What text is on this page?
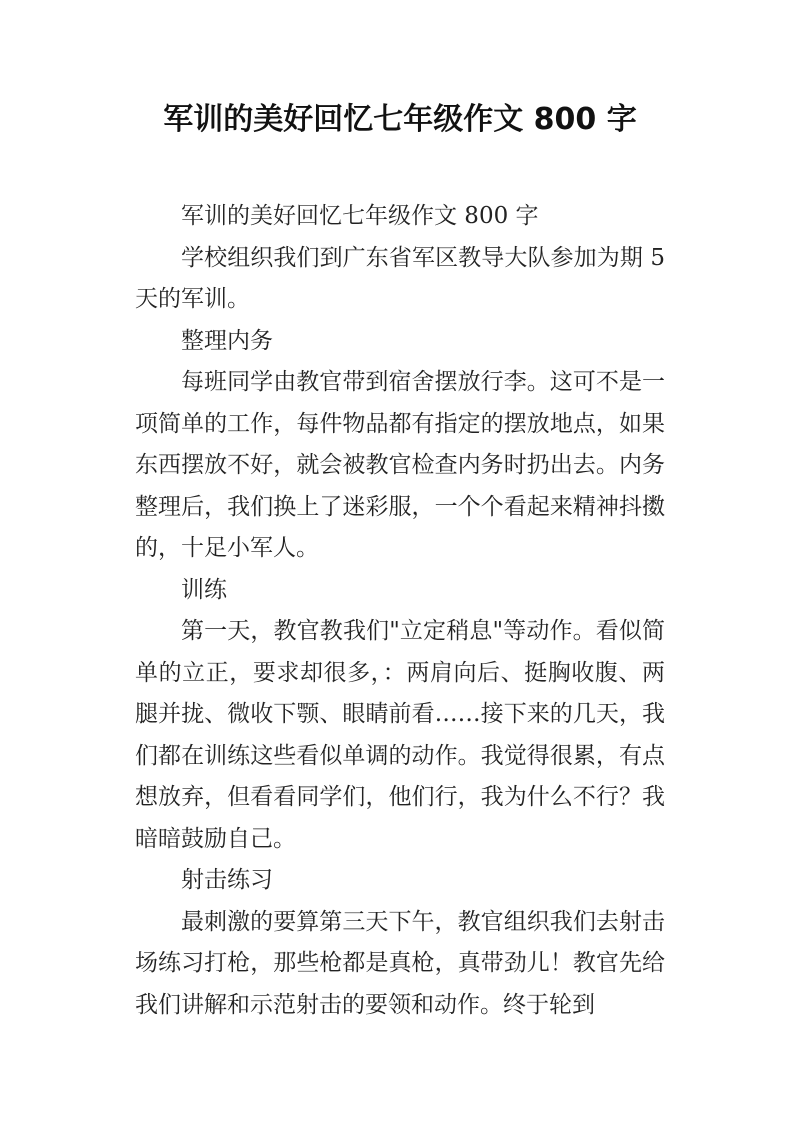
军训的美好回忆七年级作文 800 字

军训的美好回忆七年级作文 800 字

学校组织我们到广东省军区教导大队参加为期 5 天的军训。

整理内务

每班同学由教官带到宿舍摆放行李。这可不是一项简单的工作，每件物品都有指定的摆放地点，如果东西摆放不好，就会被教官检查内务时扔出去。内务整理后，我们换上了迷彩服，一个个看起来精神抖擞的，十足小军人。

训练

第一天，教官教我们"立定稍息"等动作。看似简单的立正，要求却很多，：两肩向后、挺胸收腹、两腿并拢、微收下颚、眼睛前看……接下来的几天，我们都在训练这些看似单调的动作。我觉得很累，有点想放弃，但看看同学们，他们行，我为什么不行？我暗暗鼓励自己。

射击练习

最刺激的要算第三天下午，教官组织我们去射击场练习打枪，那些枪都是真枪，真带劲儿！教官先给我们讲解和示范射击的要领和动作。终于轮到
